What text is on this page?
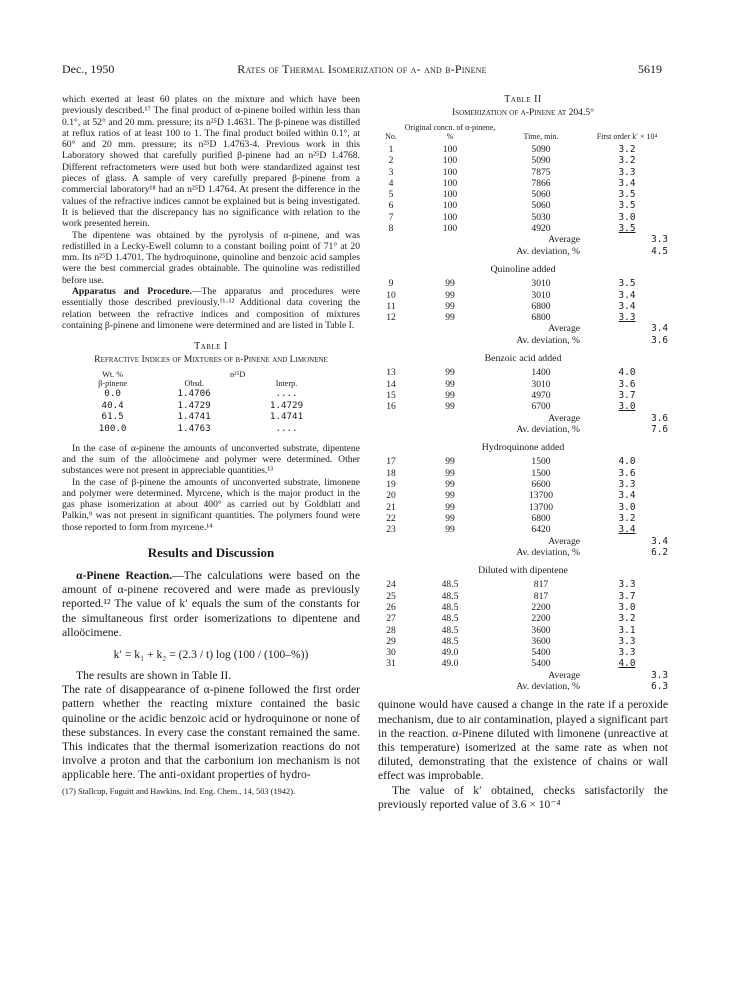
Dec., 1950	Rates of Thermal Isomerization of α- and β-Pinene	5619

which exerted at least 60 plates on the mixture and which have been previously described.¹⁷ The final product of α-pinene boiled within less than 0.1°, at 52° and 20 mm. pressure; its n²⁵D 1.4631. The β-pinene was distilled at reflux ratios of at least 100 to 1. The final product boiled within 0.1°, at 60° and 20 mm. pressure; its n²⁵D 1.4763-4. Previous work in this Laboratory showed that carefully purified β-pinene had an n²⁵D 1.4768. Different refractometers were used but both were standardized against test pieces of glass. A sample of very carefully prepared β-pinene from a commercial laboratory¹⁸ had an n²⁵D 1.4764. At present the difference in the values of the refractive indices cannot be explained but is being investigated. It is believed that the discrepancy has no significance with relation to the work presented herein.

The dipentene was obtained by the pyrolysis of α-pinene, and was redistilled in a Lecky-Ewell column to a constant boiling point of 71° at 20 mm. Its n²⁵D 1.4701. The hydroquinone, quinoline and benzoic acid samples were the best commercial grades obtainable. The quinoline was redistilled before use.

Apparatus and Procedure.—The apparatus and procedures were essentially those described previously.¹¹·¹² Additional data covering the relation between the refractive indices and composition of mixtures containing β-pinene and limonene were determined and are listed in Table I.

Table I
Refractive Indices of Mixtures of β-Pinene and Limonene
Wt. %
β-pinene	n²⁵D	
	Obsd.	Interp.
0.0	1.4706	....
40.4	1.4729	1.4729
61.5	1.4741	1.4741
100.0	1.4763	....

In the case of α-pinene the amounts of unconverted substrate, dipentene and the sum of the alloöcimene and polymer were determined. Other substances were not present in appreciable quantities.¹³

In the case of β-pinene the amounts of unconverted substrate, limonene and polymer were determined. Myrcene, which is the major product in the gas phase isomerization at about 400° as carried out by Goldblatt and Palkin,⁹ was not present in significant quantities. The polymers found were those reported to form from myrcene.¹⁴

Results and Discussion

α-Pinene Reaction.—The calculations were based on the amount of α-pinene recovered and were made as previously reported.¹² The value of k′ equals the sum of the constants for the simultaneous first order isomerizations to dipentene and alloöcimene.

k′ = k₁ + k₂ = (2.3 / t) log (100 / (100–%))

The results are shown in Table II.

The rate of disappearance of α-pinene followed the first order pattern whether the reacting mixture contained the basic quinoline or the acidic benzoic acid or hydroquinone or none of these substances. In every case the constant remained the same. This indicates that the thermal isomerization reactions do not involve a proton and that the carbonium ion mechanism is not applicable here. The anti-oxidant properties of hydro-

(17) Stallcup, Fuguitt and Hawkins, Ind. Eng. Chem., 14, 503 (1942).
Table II
Isomerization of α-Pinene at 204.5°
No.	Original concn. of α-pinene, %	Time, min.	First order k′ × 10⁴
1	100	5090	3.2
2	100	5090	3.2
3	100	7875	3.3
4	100	7866	3.4
5	100	5060	3.5
6	100	5060	3.5
7	100	5030	3.0
8	100	4920	3.5
Average			3.3
Av. deviation, %			4.5
Quinoline added			
9	99	3010	3.5
10	99	3010	3.4
11	99	6800	3.4
12	99	6800	3.3
Average			3.4
Av. deviation, %			3.6
Benzoic acid added			
13	99	1400	4.0
14	99	3010	3.6
15	99	4970	3.7
16	99	6700	3.0
Average			3.6
Av. deviation, %			7.6
Hydroquinone added			
17	99	1500	4.0
18	99	1500	3.6
19	99	6600	3.3
20	99	13700	3.4
21	99	13700	3.0
22	99	6800	3.2
23	99	6420	3.4
Average			3.4
Av. deviation, %			6.2
Diluted with dipentene			
24	48.5	817	3.3
25	48.5	817	3.7
26	48.5	2200	3.0
27	48.5	2200	3.2
28	48.5	3600	3.1
29	48.5	3600	3.3
30	49.0	5400	3.3
31	49.0	5400	4.0
Average			3.3
Av. deviation, %			6.3

quinone would have caused a change in the rate if a peroxide mechanism, due to air contamination, played a significant part in the reaction. α-Pinene diluted with limonene (unreactive at this temperature) isomerized at the same rate as when not diluted, demonstrating that the existence of chains or wall effect was improbable.

The value of k′ obtained, checks satisfactorily the previously reported value of 3.6 × 10⁻⁴
